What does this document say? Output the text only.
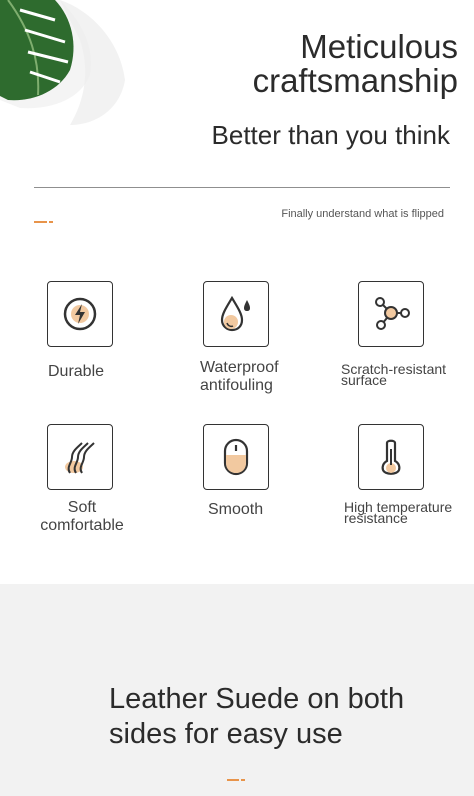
Meticulous
craftsmanship
Better than you think
Finally understand what is flipped
Durable	Waterproof
antifouling
Scratch-resistant
surface
Soft
comfortable
Smooth	High temperature
resistance
Leather Suede on both
sides for easy use
